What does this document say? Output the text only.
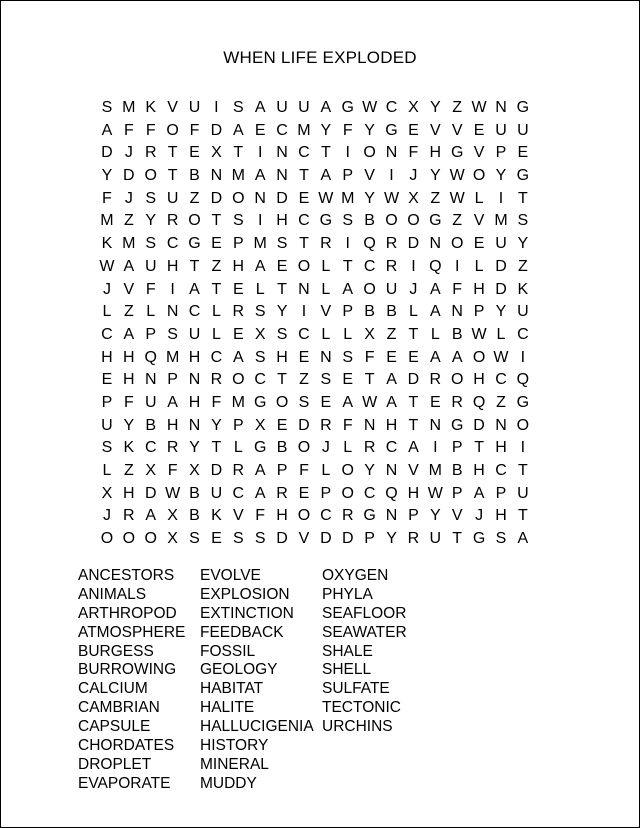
WHEN LIFE EXPLODED
S M K V U I S A U U A G W C X Y Z W N G
A F F O F D A E C M Y F Y G E V V E U U
D J R T E X T I N C T I O N F H G V P E
Y D O T B N M A N T A P V I J Y W O Y G
F J S U Z D O N D E W M Y W X Z W L I T
M Z Y R O T S I H C G S B O O G Z V M S
K M S C G E P M S T R I Q R D N O E U Y
W A U H T Z H A E O L T C R I Q I L D Z
J V F I A T E L T N L A O U J A F H D K
L Z L N C L R S Y I V P B B L A N P Y U
C A P S U L E X S C L L X Z T L B W L C
H H Q M H C A S H E N S F E E A A O W I
E H N P N R O C T Z S E T A D R O H C Q
P F U A H F M G O S E A W A T E R Q Z G
U Y B H N Y P X E D R F N H T N G D N O
S K C R Y T L G B O J L R C A I P T H I
L Z X F X D R A P F L O Y N V M B H C T
X H D W B U C A R E P O C Q H W P A P U
J R A X B K V F H O C R G N P Y V J H T
O O O X S E S S D V D D P Y R U T G S A
ANCESTORS
ANIMALS
ARTHROPOD
ATMOSPHERE
BURGESS
BURROWING
CALCIUM
CAMBRIAN
CAPSULE
CHORDATES
DROPLET
EVAPORATE
EVOLVE
EXPLOSION
EXTINCTION
FEEDBACK
FOSSIL
GEOLOGY
HABITAT
HALITE
HALLUCIGENIA
HISTORY
MINERAL
MUDDY
OXYGEN
PHYLA
SEAFLOOR
SEAWATER
SHALE
SHELL
SULFATE
TECTONIC
URCHINS
